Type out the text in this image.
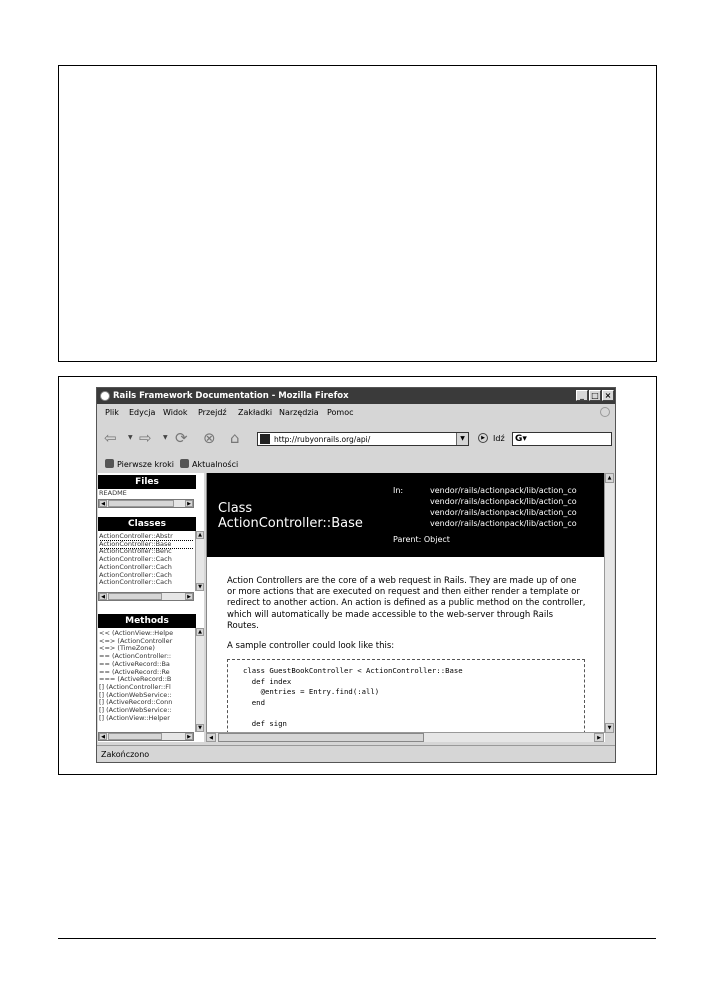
Rails Framework Documentation - Mozilla Firefox	_ □ ×
Plik Edycja Widok Przejdź Zakładki Narzędzia Pomoc
⇦ ▼ ⇨ ▼ ⟳ ⊗ ⌂	http://rubyonrails.org/api/	▼	▶	Idź G▾
Pierwsze kroki Aktualności
Files
README
◀	▶
Classes
ActionController::Abstr
ActionController::Base
ActionController::Benc
ActionController::Cach
ActionController::Cach
ActionController::Cach
ActionController::Cach
▲
▼
◀	▶
Methods
<< (ActionView::Helpe
<=> (ActionController
<=> (TimeZone)
== (ActionController::
== (ActiveRecord::Ba
== (ActiveRecord::Re
=== (ActiveRecord::B
[] (ActionController::Fl
[] (ActionWebService::
[] (ActiveRecord::Conn
[] (ActionWebService::
[] (ActionView::Helper
▲
▼
◀	▶
Class
ActionController::Base
In:	vendor/rails/actionpack/lib/action_co
vendor/rails/actionpack/lib/action_co
vendor/rails/actionpack/lib/action_co
vendor/rails/actionpack/lib/action_co
Parent: Object
Action Controllers are the core of a web request in Rails. They are made up of one or more actions that are executed on request and then either render a template or redirect to another action. An action is defined as a public method on the controller, which will automatically be made accessible to the web-server through Rails Routes.
A sample controller could look like this:
class GuestBookController < ActionController::Base
def index
@entries = Entry.find(:all)
end

def sign
▲
▼
◀	▶
Zakończono
